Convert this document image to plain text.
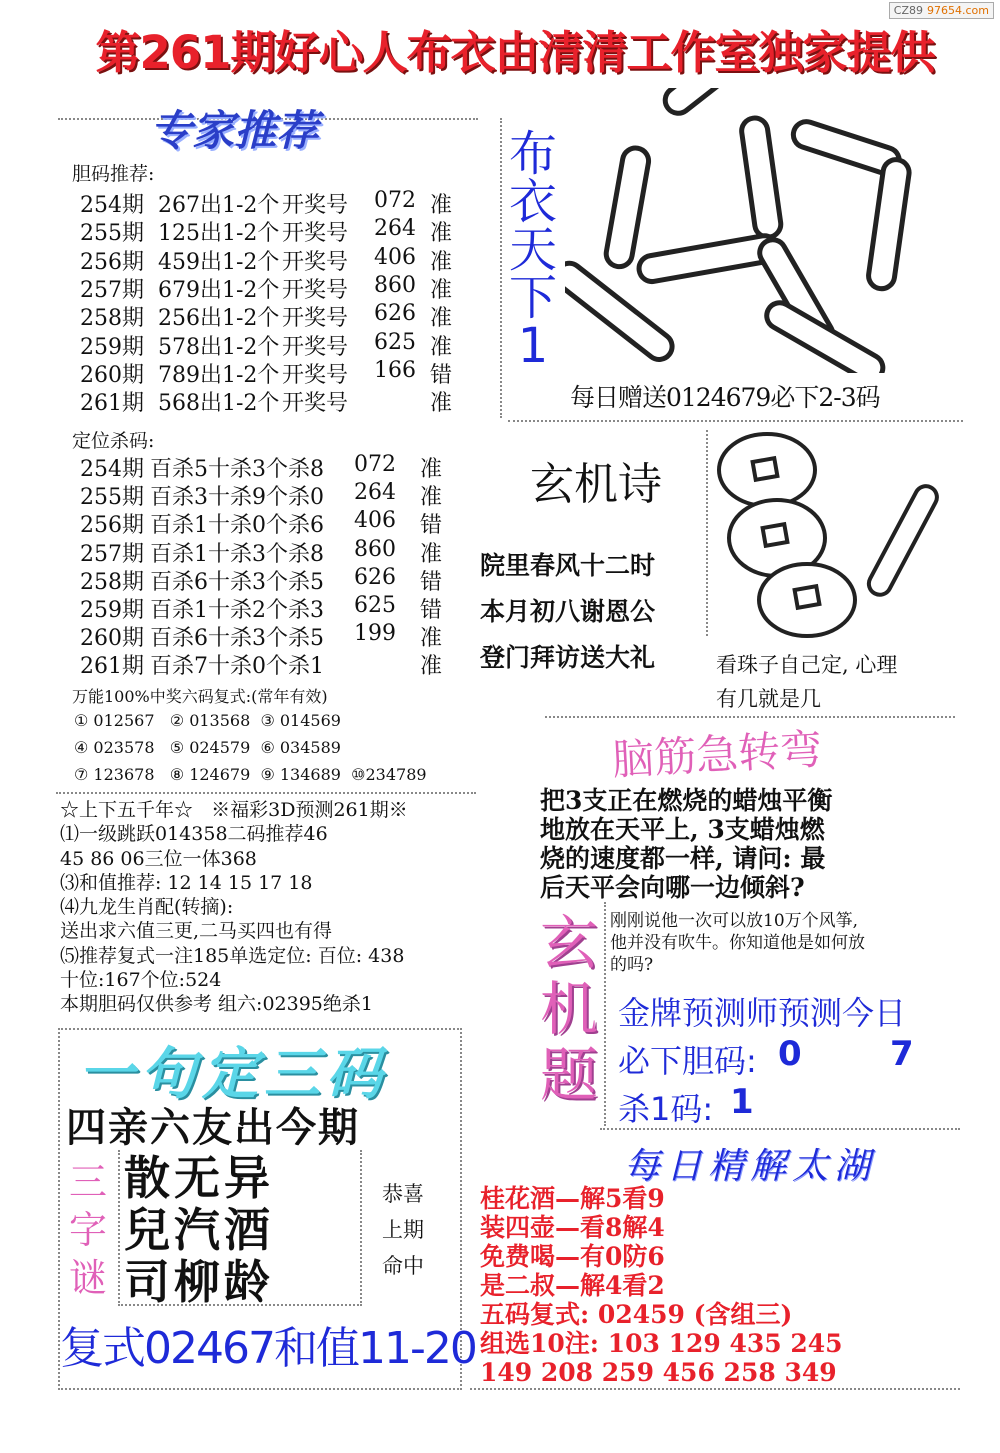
第261期好心人布衣由清清工作室独家提供
CZ89 97654.com
专家推荐
胆码推荐:
254期 267出1-2个 开奖号 072 准
255期 125出1-2个 开奖号 264 准
256期 459出1-2个 开奖号 406 准
257期 679出1-2个 开奖号 860 准
258期 256出1-2个 开奖号 626 准
259期 578出1-2个 开奖号 625 准
260期 789出1-2个 开奖号 166 错
261期 568出1-2个 开奖号	准
定位杀码:
254期 百杀5十杀3个杀8 072 准
255期 百杀3十杀9个杀0 264 准
256期 百杀1十杀0个杀6 406 错
257期 百杀1十杀3个杀8 860 准
258期 百杀6十杀3个杀5 626 错
259期 百杀1十杀2个杀3 625 错
260期 百杀6十杀3个杀5 199 准
261期 百杀7十杀0个杀1	准
万能100%中奖六码复式:(常年有效)
① 012567   ② 013568  ③ 014569
④ 023578   ⑤ 024579  ⑥ 034589
⑦ 123678   ⑧ 124679  ⑨ 134689  ⑩234789
☆上下五千年☆   ※福彩3D预测261期※
⑴一级跳跃014358二码推荐46
45 86 06三位一体368
⑶和值推荐: 12 14 15 17 18
⑷九龙生肖配(转摘):
送出求六值三更,二马买四也有得
⑸推荐复式一注185单选定位: 百位: 438
十位:167个位:524
本期胆码仅供参考 组六:02395绝杀1
一句定三码
四亲六友出今期
三
字
谜
散无异
兒汽酒
司柳龄
恭喜
上期
命中
复式02467和值11-20
布
衣
天
下
1
每日赠送0124679必下2-3码
玄机诗
院里春风十二时
本月初八谢恩公
登门拜访送大礼	看珠子自己定, 心理
有几就是几
脑筋急转弯
把3支正在燃烧的蜡烛平衡
地放在天平上, 3支蜡烛燃
烧的速度都一样, 请问: 最
后天平会向哪一边倾斜?
玄
机
题
刚刚说他一次可以放10万个风筝,
他并没有吹牛。你知道他是如何放
的吗?
金牌预测师预测今日
必下胆码: 0	7
杀1码: 1
每日精解太湖
桂花酒—解5看9
装四壶—看8解4
免费喝—有0防6
是二叔—解4看2
五码复式: 02459 (含组三)
组选10注: 103 129 435 245
149 208 259 456 258 349
